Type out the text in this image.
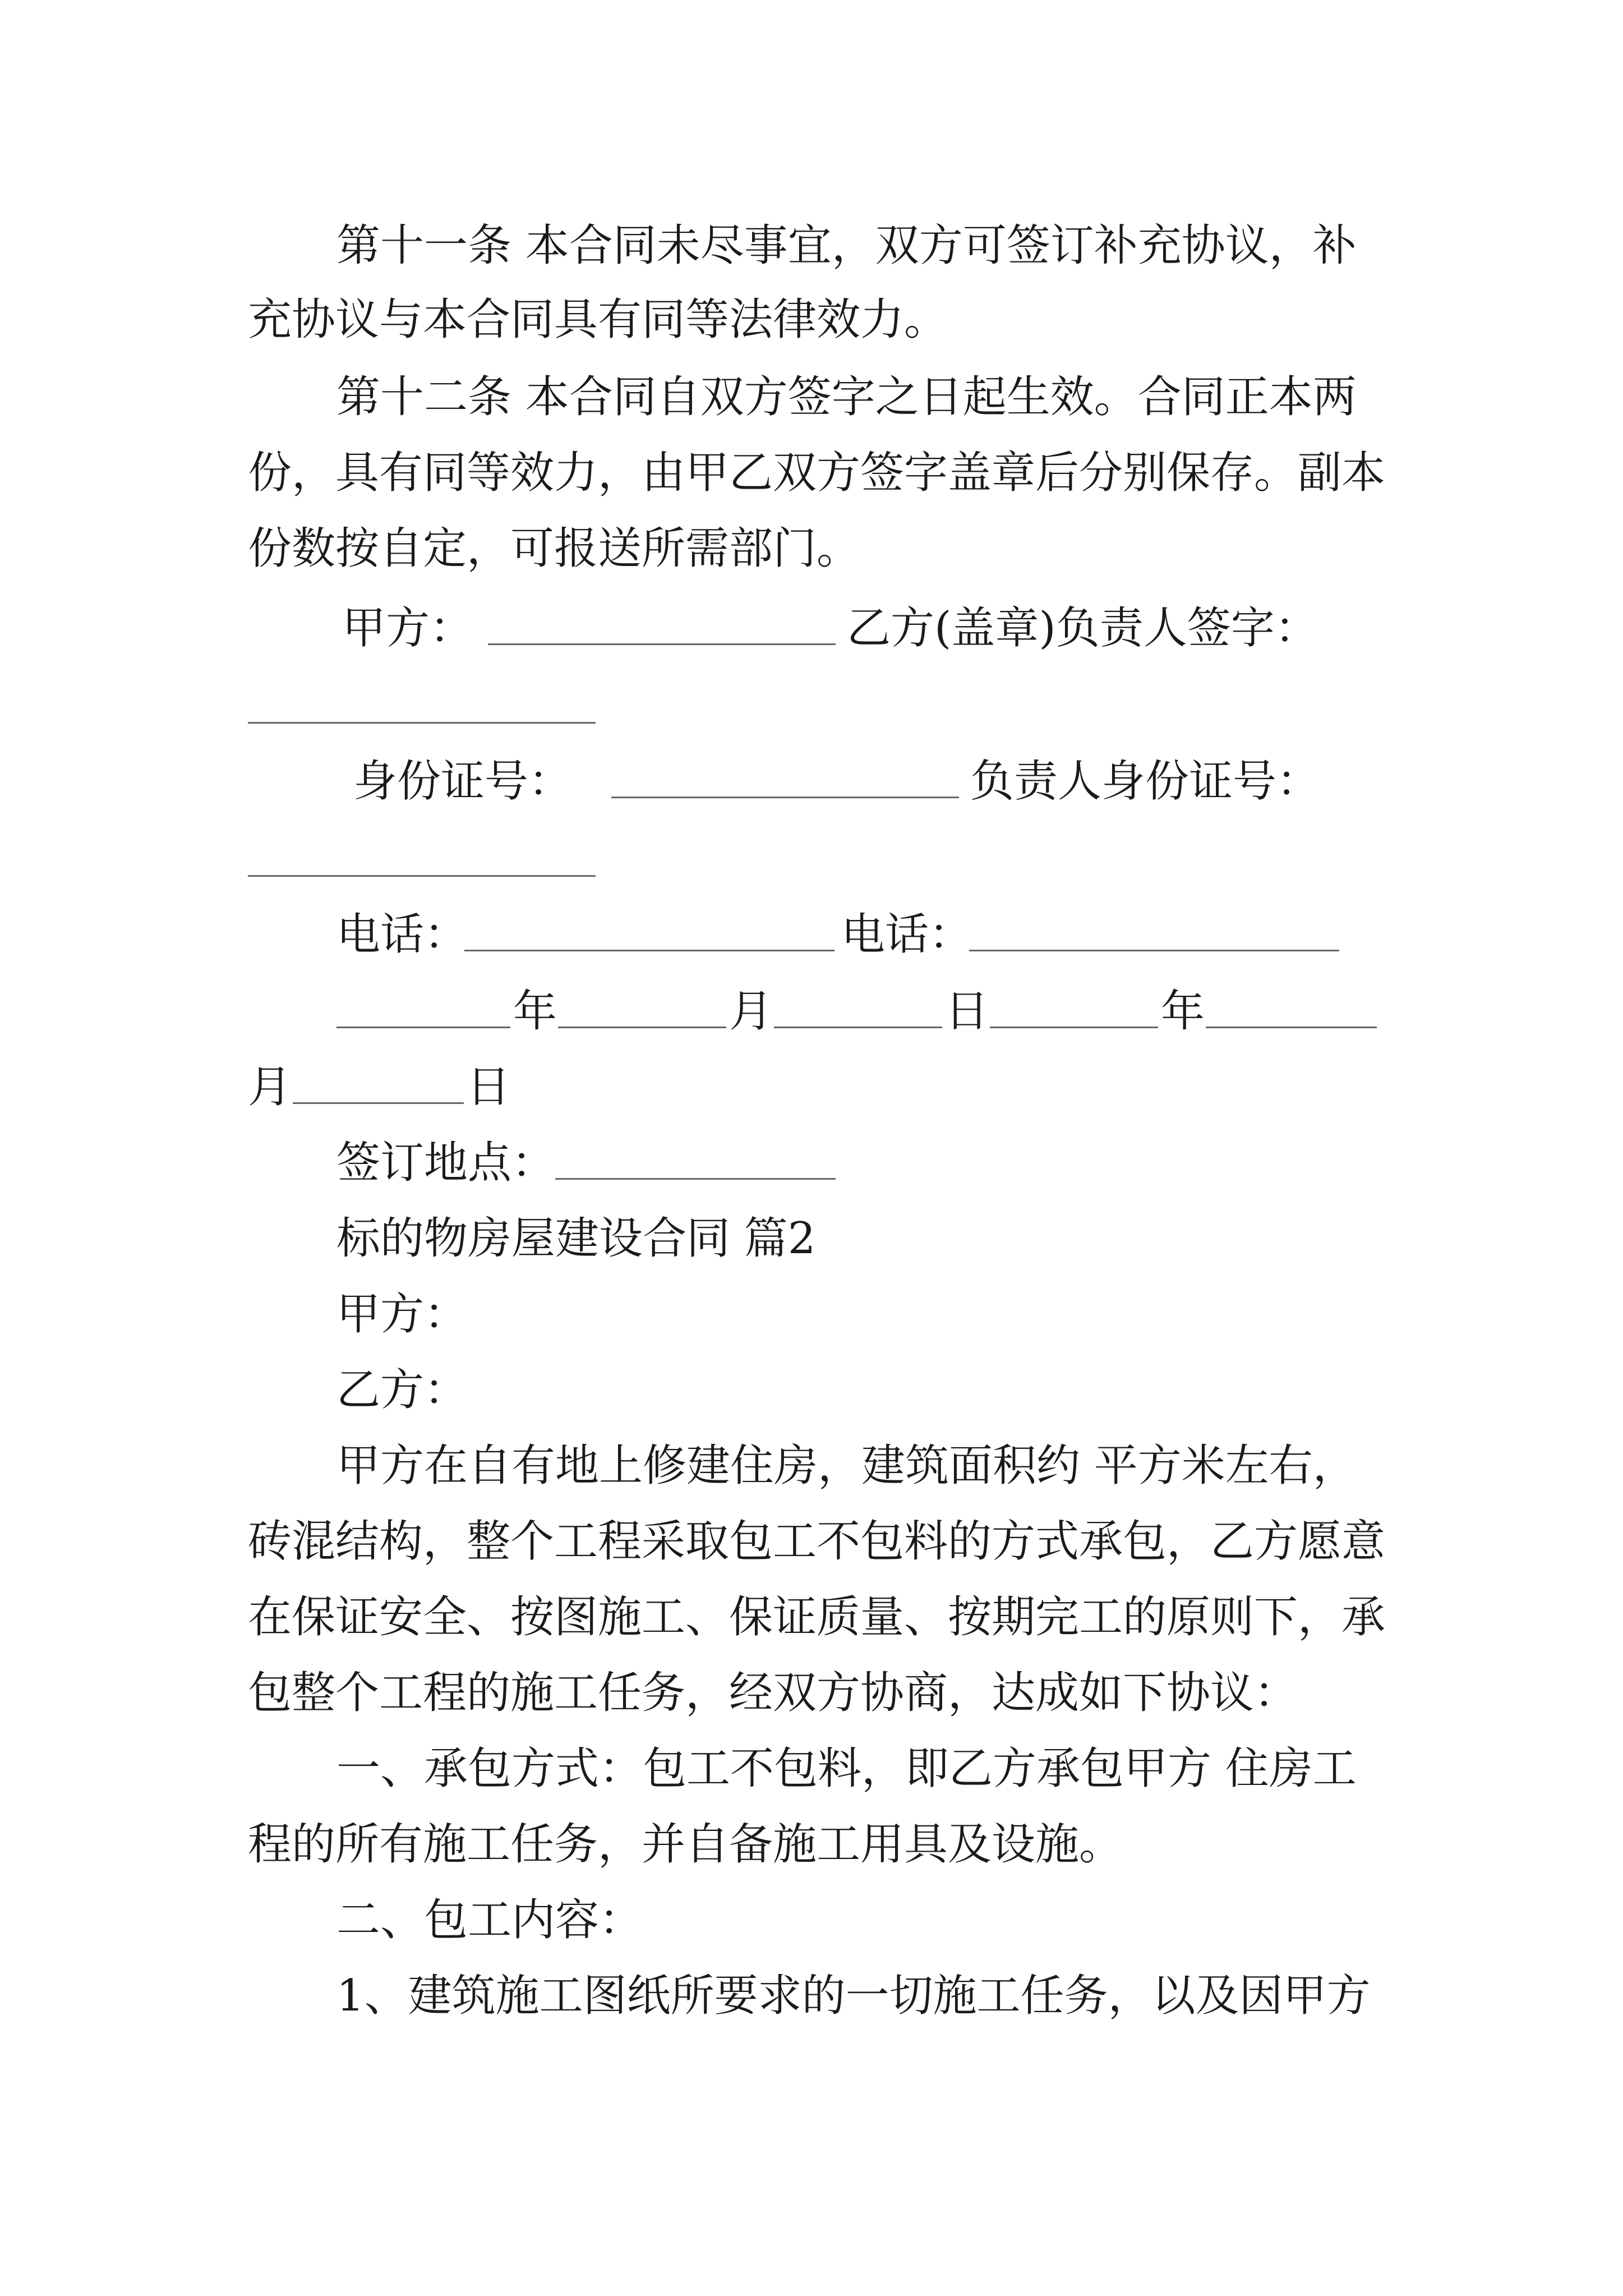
第十一条 本合同未尽事宜，双方可签订补充协议，补
充协议与本合同具有同等法律效力。
第十二条 本合同自双方签字之日起生效。合同正本两
份，具有同等效力，由甲乙双方签字盖章后分别保存。副本
份数按自定，可报送所需部门。
甲方：	乙方(盖章)负责人签字：
身份证号：	负责人身份证号：
电话：	电话：
年	月	日	年
月	日
签订地点：
标的物房屋建设合同 篇2
甲方：
乙方：
甲方在自有地上修建住房，建筑面积约 平方米左右，
砖混结构，整个工程采取包工不包料的方式承包，乙方愿意
在保证安全、按图施工、保证质量、按期完工的原则下，承
包整个工程的施工任务，经双方协商，达成如下协议：
一、承包方式：包工不包料，即乙方承包甲方 住房工
程的所有施工任务，并自备施工用具及设施。
二、包工内容：
1、建筑施工图纸所要求的一切施工任务，以及因甲方
